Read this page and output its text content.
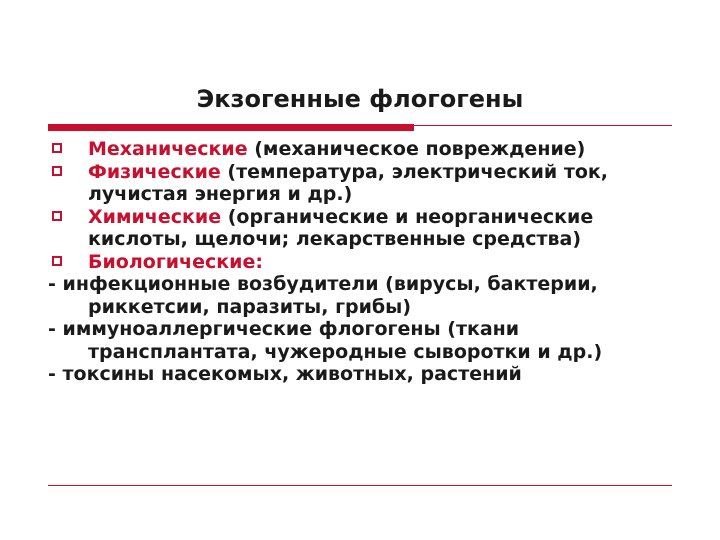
Экзогенные флогогены
Механические (механическое повреждение)
Физические (температура, электрический ток, лучистая энергия и др.)
Химические (органические и неорганические кислоты, щелочи; лекарственные средства)
Биологические:
- инфекционные возбудители (вирусы, бактерии, риккетсии, паразиты, грибы)
- иммуноаллергические флогогены (ткани трансплантата, чужеродные сыворотки и др.)
- токсины насекомых, животных, растений
